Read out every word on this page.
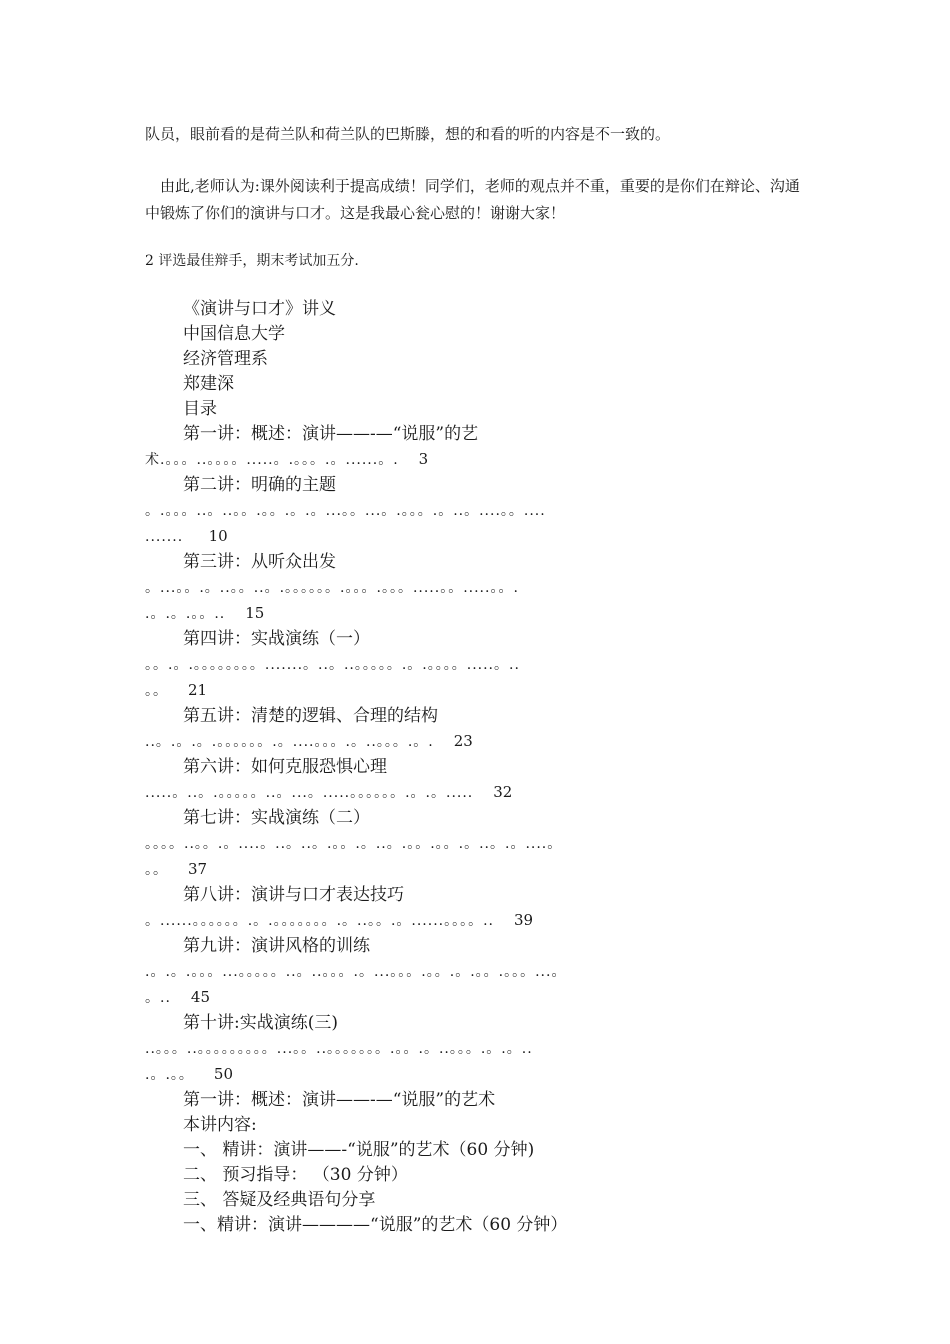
队员，眼前看的是荷兰队和荷兰队的巴斯滕，想的和看的听的内容是不一致的。

由此,老师认为:课外阅读利于提高成绩！同学们，老师的观点并不重，重要的是你们在辩论、沟通中锻炼了你们的演讲与口才。这是我最心瓮心慰的！谢谢大家！

2 评选最佳辩手，期末考试加五分.

《演讲与口才》讲义
中国信息大学
经济管理系
郑建深
目录
第一讲：概述：演讲——-—“说服”的艺
术.。。。..。。。。.....。.。。。.。......。. 3
第二讲：明确的主题
。.。。。..。..。。.。。.。.。...。。...。.。。。.。..。....。。....
....... 10
第三讲：从听众出发
。...。。.。..。。..。.。。。。。。.。。。.。。。.....。。.....。。.
.。.。.。。.. 15
第四讲：实战演练（一）
。。.。.。。。。。。。。.......。..。..。。。。。.。.。。。。.....。..
。。 21
第五讲：清楚的逻辑、合理的结构
..。.。.。.。。。。。。.。....。。。.。..。。。.。. 23
第六讲：如何克服恐惧心理
.....。..。.。。。。。..。...。.....。。。。。。.。.。..... 32
第七讲：实战演练（二）
。。。。..。。.。....。..。..。.。。.。..。.。。.。。.。..。.。....。
。。 37
第八讲：演讲与口才表达技巧
。......。。。。。。.。.。。。。。。。.。..。。.。......。。。。.. 39
第九讲：演讲风格的训练
.。.。.。。。...。。。。。..。..。。。.。...。。。.。。.。.。。.。。。...。
。.. 45
第十讲:实战演练(三)
..。。。..。。。。。。。。。...。。..。。。。。。。.。。.。..。。。.。.。..
.。.。。 50
第一讲：概述：演讲——-—“说服”的艺术
本讲内容:
一、 精讲：演讲——-“说服”的艺术（60 分钟)
二、 预习指导： （30 分钟）
三、 答疑及经典语句分享
一、精讲：演讲————“说服”的艺术（60 分钟）
